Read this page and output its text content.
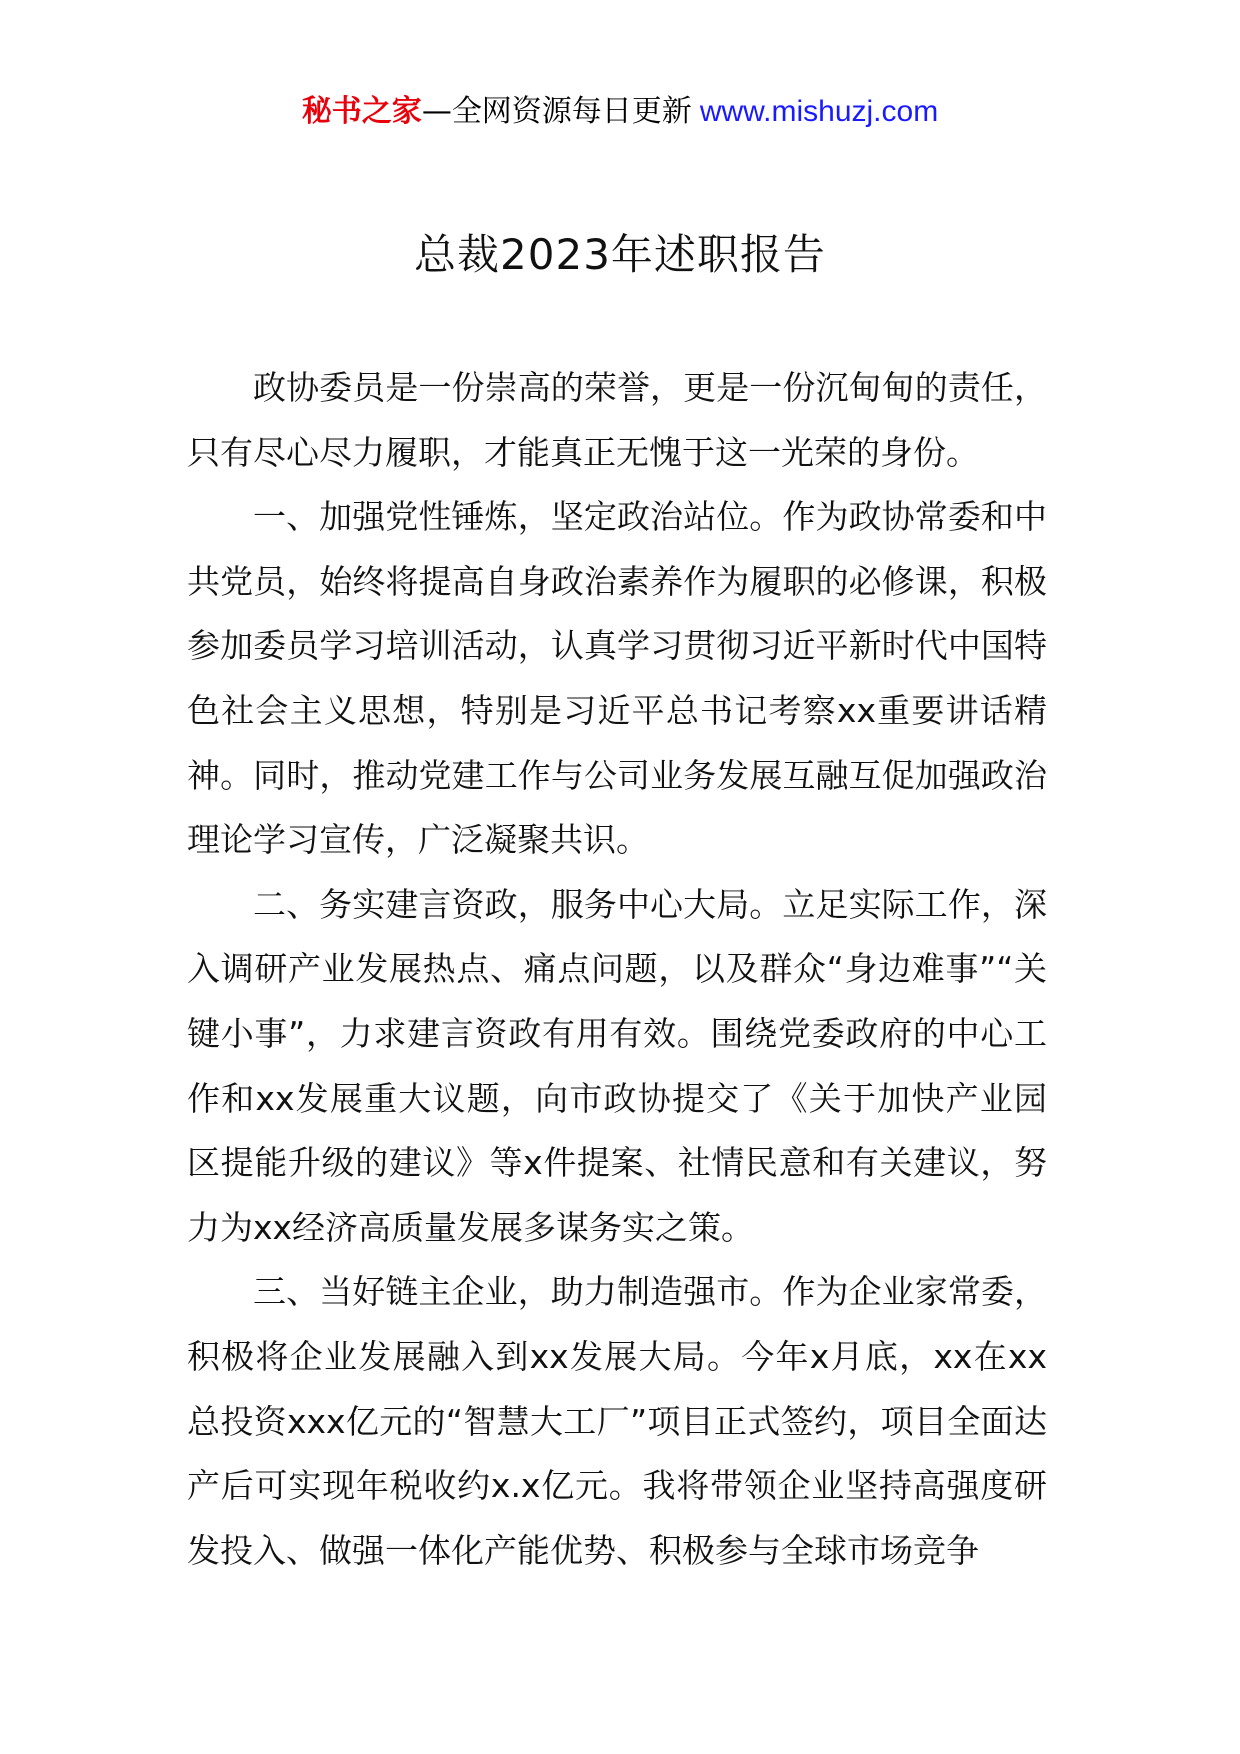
秘书之家—全网资源每日更新 www.mishuzj.com
总裁2023年述职报告

政协委员是一份崇高的荣誉，更是一份沉甸甸的责任，只有尽心尽力履职，才能真正无愧于这一光荣的身份。

一、加强党性锤炼，坚定政治站位。作为政协常委和中共党员，始终将提高自身政治素养作为履职的必修课，积极参加委员学习培训活动，认真学习贯彻习近平新时代中国特色社会主义思想，特别是习近平总书记考察xx重要讲话精神。同时，推动党建工作与公司业务发展互融互促加强政治理论学习宣传，广泛凝聚共识。

二、务实建言资政，服务中心大局。立足实际工作，深入调研产业发展热点、痛点问题，以及群众“身边难事”“关键小事”，力求建言资政有用有效。围绕党委政府的中心工作和xx发展重大议题，向市政协提交了《关于加快产业园区提能升级的建议》等x件提案、社情民意和有关建议，努力为xx经济高质量发展多谋务实之策。

三、当好链主企业，助力制造强市。作为企业家常委，积极将企业发展融入到xx发展大局。今年x月底，xx在xx总投资xxx亿元的“智慧大工厂”项目正式签约，项目全面达产后可实现年税收约x.x亿元。我将带领企业坚持高强度研发投入、做强一体化产能优势、积极参与全球市场竞争
